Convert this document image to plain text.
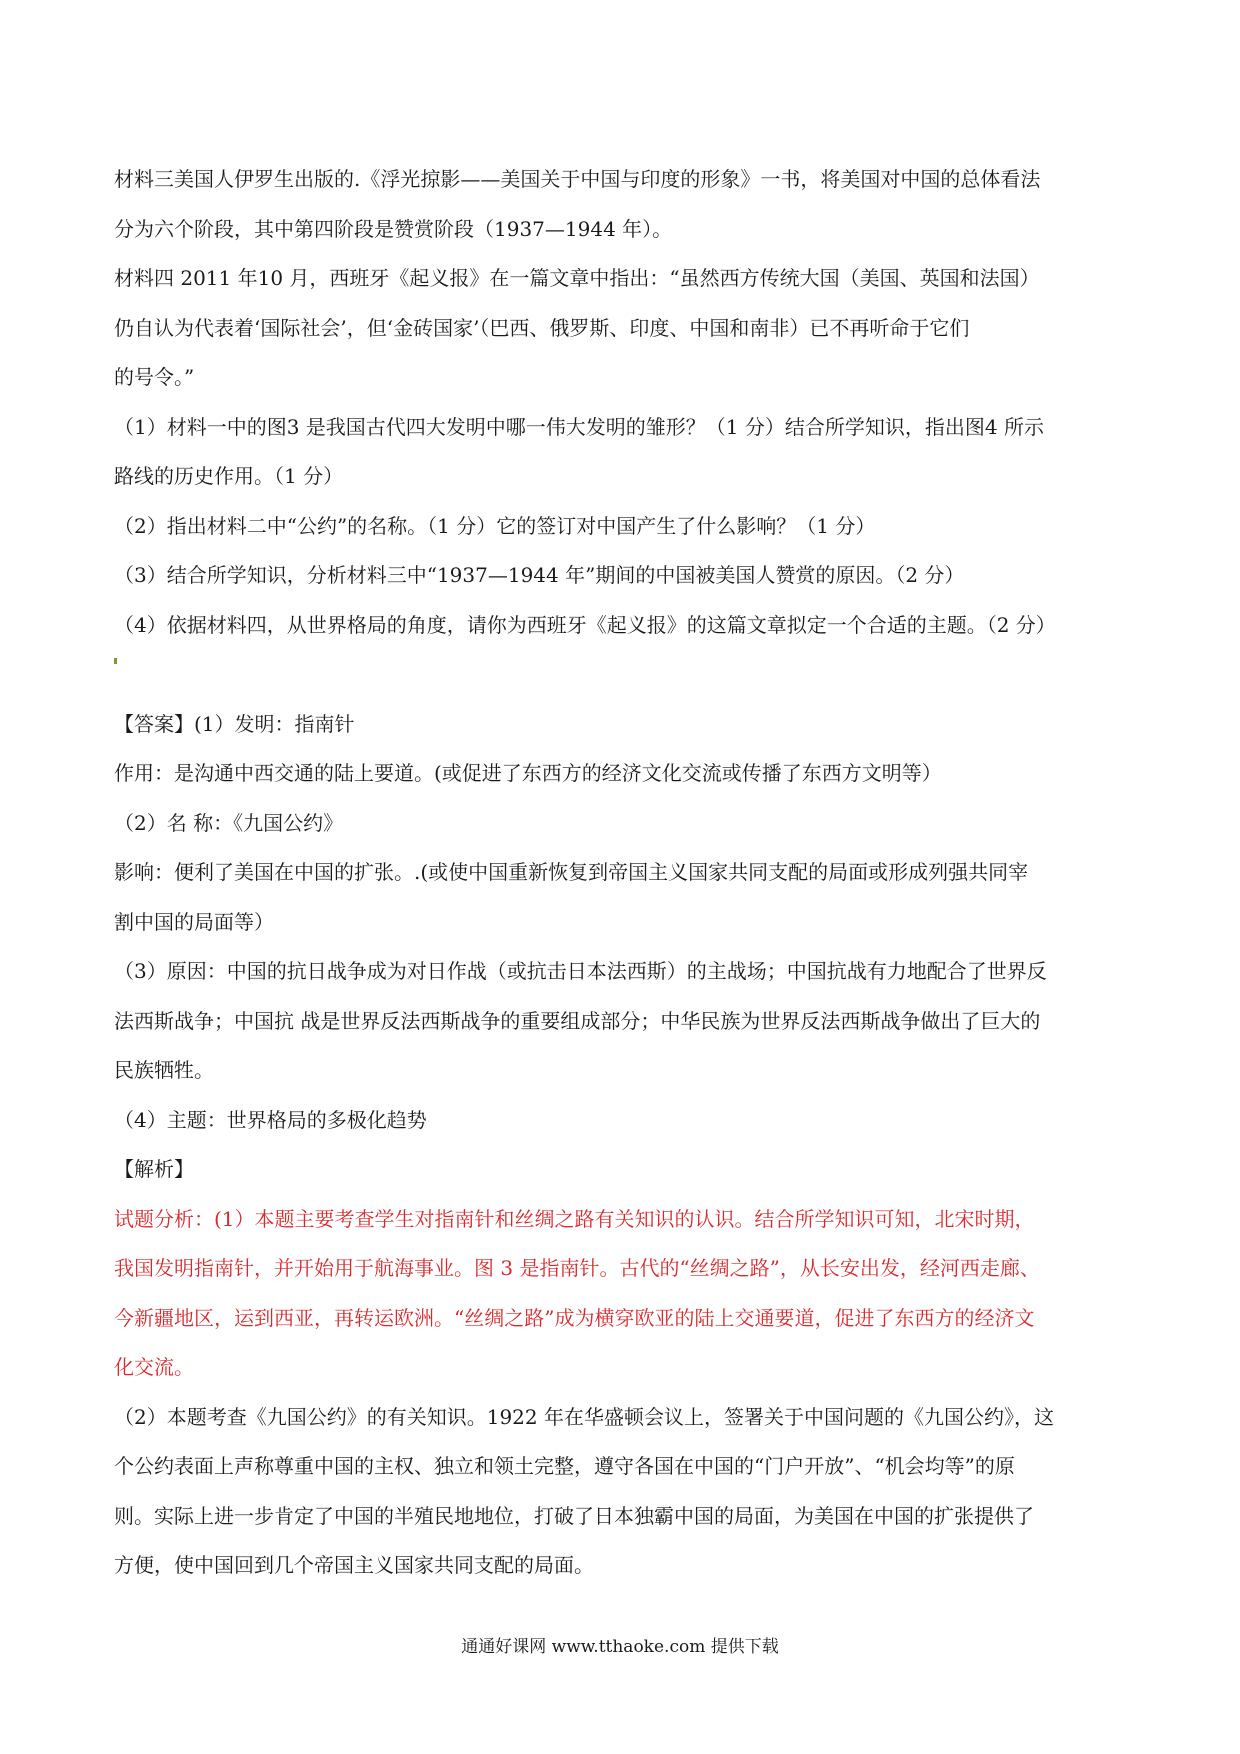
材料三美国人伊罗生出版的.《浮光掠影——美国关于中国与印度的形象》一书，将美国对中国的总体看法
分为六个阶段，其中第四阶段是赞赏阶段（1937—1944 年）。
材料四 2011 年10 月，西班牙《起义报》在一篇文章中指出：“虽然西方传统大国（美国、英国和法国）
仍自认为代表着‘国际社会’，但‘金砖国家’（巴西、俄罗斯、印度、中国和南非）已不再听命于它们
的号令。”
（1）材料一中的图3 是我国古代四大发明中哪一伟大发明的雏形？（1 分）结合所学知识，指出图4 所示
路线的历史作用。（1 分）
（2）指出材料二中“公约”的名称。（1 分）它的签订对中国产生了什么影响？（1 分）
（3）结合所学知识，分析材料三中“1937—1944 年”期间的中国被美国人赞赏的原因。（2 分）
（4）依据材料四，从世界格局的角度，请你为西班牙《起义报》的这篇文章拟定一个合适的主题。（2 分）
【答案】(1）发明：指南针
作用：是沟通中西交通的陆上要道。(或促进了东西方的经济文化交流或传播了东西方文明等）
（2）名 称：《九国公约》
影响：便利了美国在中国的扩张。.(或使中国重新恢复到帝国主义国家共同支配的局面或形成列强共同宰
割中国的局面等）
（3）原因：中国的抗日战争成为对日作战（或抗击日本法西斯）的主战场；中国抗战有力地配合了世界反
法西斯战争；中国抗 战是世界反法西斯战争的重要组成部分；中华民族为世界反法西斯战争做出了巨大的
民族牺牲。
（4）主题：世界格局的多极化趋势
【解析】
试题分析：(1）本题主要考查学生对指南针和丝绸之路有关知识的认识。结合所学知识可知，北宋时期，
我国发明指南针，并开始用于航海事业。图 3 是指南针。古代的“丝绸之路”，从长安出发，经河西走廊、
今新疆地区，运到西亚，再转运欧洲。“丝绸之路”成为横穿欧亚的陆上交通要道，促进了东西方的经济文
化交流。
（2）本题考查《九国公约》的有关知识。1922 年在华盛顿会议上，签署关于中国问题的《九国公约》，这
个公约表面上声称尊重中国的主权、独立和领土完整，遵守各国在中国的“门户开放”、“机会均等”的原
则。实际上进一步肯定了中国的半殖民地地位，打破了日本独霸中国的局面，为美国在中国的扩张提供了
方便，使中国回到几个帝国主义国家共同支配的局面。
通通好课网 www.tthaoke.com 提供下载
